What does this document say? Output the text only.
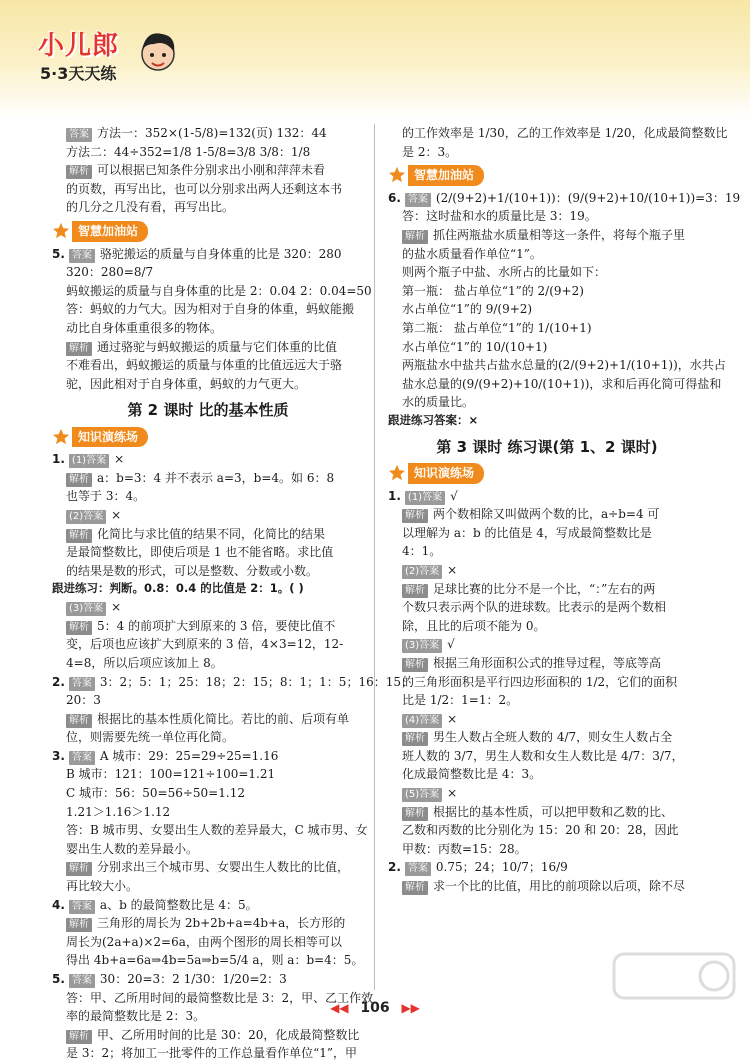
小儿郎
5·3天天练
答案 方法一：352×(1-5/8)=132(页) 132：44
方法二：44÷352=1/8 1-5/8=3/8 3/8：1/8
解析 可以根据已知条件分别求出小刚和萍萍未看
的页数，再写出比，也可以分别求出两人还剩这本书
的几分之几没有看，再写出比。
智慧加油站
5. 答案 骆驼搬运的质量与自身体重的比是 320：280
320：280=8/7
蚂蚁搬运的质量与自身体重的比是 2：0.04 2：0.04=50
答：蚂蚁的力气大。因为相对于自身的体重，蚂蚁能搬
动比自身体重重很多的物体。
解析 通过骆驼与蚂蚁搬运的质量与它们体重的比值
不难看出，蚂蚁搬运的质量与体重的比值远远大于骆
驼，因此相对于自身体重，蚂蚁的力气更大。
第 2 课时 比的基本性质
知识演练场
1. (1)答案 ×
解析 a：b=3：4 并不表示 a=3，b=4。如 6：8
也等于 3：4。
(2)答案 ×
解析 化简比与求比值的结果不同，化简比的结果
是最简整数比，即使后项是 1 也不能省略。求比值
的结果是数的形式，可以是整数、分数或小数。
跟进练习：判断。0.8：0.4 的比值是 2：1。( )
(3)答案 ×
解析 5：4 的前项扩大到原来的 3 倍，要使比值不
变，后项也应该扩大到原来的 3 倍，4×3=12，12-
4=8，所以后项应该加上 8。
2. 答案 3：2；5：1；25：18；2：15；8：1；1：5；16：15；
20：3
解析 根据比的基本性质化简比。若比的前、后项有单
位，则需要先统一单位再化简。
3. 答案 A 城市：29：25=29÷25=1.16
B 城市：121：100=121÷100=1.21
C 城市：56：50=56÷50=1.12
1.21＞1.16＞1.12
答：B 城市男、女婴出生人数的差异最大，C 城市男、女
婴出生人数的差异最小。
解析 分别求出三个城市男、女婴出生人数比的比值，
再比较大小。
4. 答案 a、b 的最简整数比是 4：5。
解析 三角形的周长为 2b+2b+a=4b+a，长方形的
周长为(2a+a)×2=6a，由两个图形的周长相等可以
得出 4b+a=6a⇒4b=5a⇒b=5/4 a，则 a：b=4：5。
5. 答案 30：20=3：2 1/30：1/20=2：3
答：甲、乙所用时间的最简整数比是 3：2，甲、乙工作效
率的最简整数比是 2：3。
解析 甲、乙所用时间的比是 30：20，化成最简整数比
是 3：2；将加工一批零件的工作总量看作单位“1”，甲
的工作效率是 1/30，乙的工作效率是 1/20，化成最简整数比
是 2：3。
智慧加油站
6. 答案 (2/(9+2)+1/(10+1))：(9/(9+2)+10/(10+1))=3：19
答：这时盐和水的质量比是 3：19。
解析 抓住两瓶盐水质量相等这一条件，将每个瓶子里
的盐水质量看作单位“1”。
则两个瓶子中盐、水所占的比量如下：
第一瓶： 盐占单位“1”的 2/(9+2)
水占单位“1”的 9/(9+2)
第二瓶： 盐占单位“1”的 1/(10+1)
水占单位“1”的 10/(10+1)
两瓶盐水中盐共占盐水总量的(2/(9+2)+1/(10+1))，水共占
盐水总量的(9/(9+2)+10/(10+1))，求和后再化简可得盐和
水的质量比。
跟进练习答案：×
第 3 课时 练习课(第 1、2 课时)
知识演练场
1. (1)答案 √
解析 两个数相除又叫做两个数的比，a÷b=4 可
以理解为 a：b 的比值是 4，写成最简整数比是
4：1。
(2)答案 ×
解析 足球比赛的比分不是一个比，“：”左右的两
个数只表示两个队的进球数。比表示的是两个数相
除，且比的后项不能为 0。
(3)答案 √
解析 根据三角形面积公式的推导过程，等底等高
的三角形面积是平行四边形面积的 1/2，它们的面积
比是 1/2：1=1：2。
(4)答案 ×
解析 男生人数占全班人数的 4/7，则女生人数占全
班人数的 3/7，男生人数和女生人数比是 4/7：3/7，
化成最简整数比是 4：3。
(5)答案 ×
解析 根据比的基本性质，可以把甲数和乙数的比、
乙数和丙数的比分别化为 15：20 和 20：28，因此
甲数：丙数=15：28。
2. 答案 0.75；24；10/7；16/9
解析 求一个比的比值，用比的前项除以后项，除不尽
◀◀ 106 ▶▶
